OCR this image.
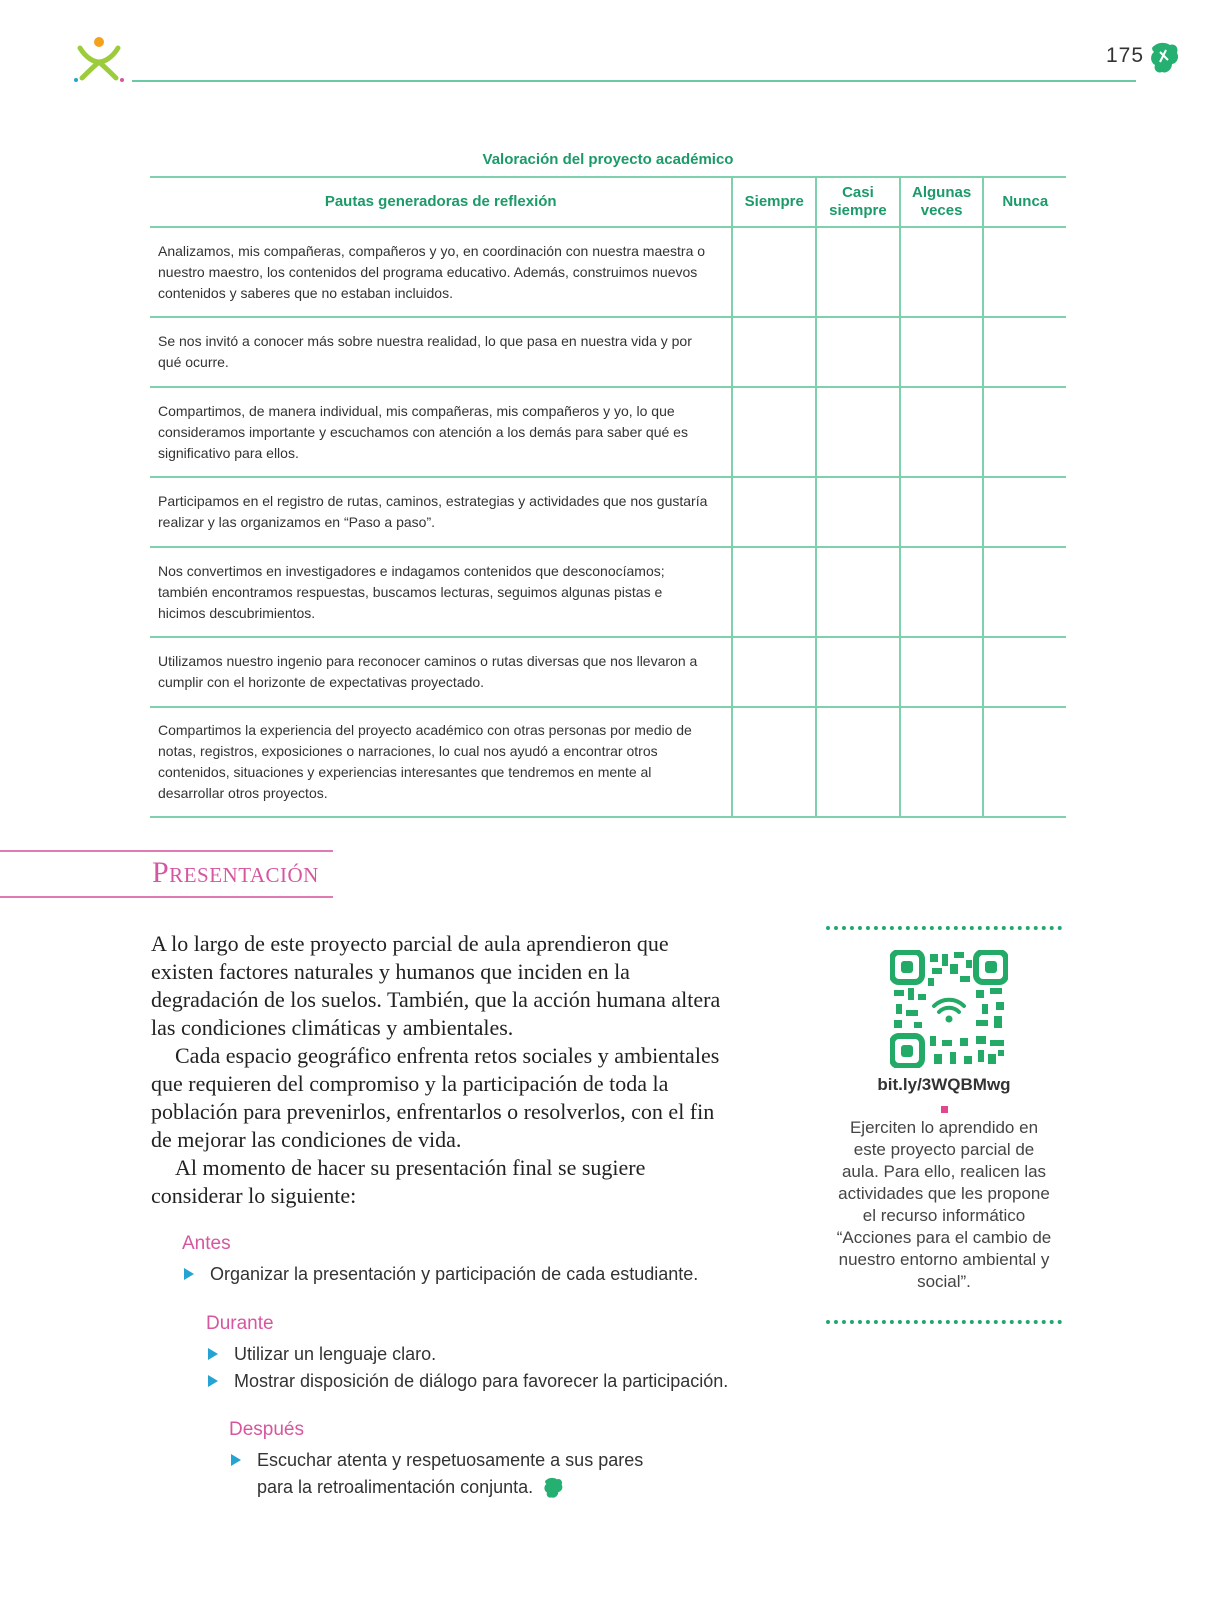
175
Valoración del proyecto académico
Pautas generadoras de reflexión	Siempre	Casi siempre	Algunas veces	Nunca
Analizamos, mis compañeras, compañeros y yo, en coordinación con nuestra maestra o nuestro maestro, los contenidos del programa educativo. Además, construimos nuevos contenidos y saberes que no estaban incluidos.				
Se nos invitó a conocer más sobre nuestra realidad, lo que pasa en nuestra vida y por qué ocurre.				
Compartimos, de manera individual, mis compañeras, mis compañeros y yo, lo que consideramos importante y escuchamos con atención a los demás para saber qué es significativo para ellos.				
Participamos en el registro de rutas, caminos, estrategias y actividades que nos gustaría realizar y las organizamos en “Paso a paso”.				
Nos convertimos en investigadores e indagamos contenidos que desconocíamos; también encontramos respuestas, buscamos lecturas, seguimos algunas pistas e hicimos descubrimientos.				
Utilizamos nuestro ingenio para reconocer caminos o rutas diversas que nos llevaron a cumplir con el horizonte de expectativas proyectado.				
Compartimos la experiencia del proyecto académico con otras personas por medio de notas, registros, exposiciones o narraciones, lo cual nos ayudó a encontrar otros contenidos, situaciones y experiencias interesantes que tendremos en mente al desarrollar otros proyectos.				
Presentación

A lo largo de este proyecto parcial de aula aprendieron que existen factores naturales y humanos que inciden en la degradación de los suelos. También, que la acción humana altera las condiciones climáticas y ambientales.

Cada espacio geográfico enfrenta retos sociales y ambientales que requieren del compromiso y la participación de toda la población para prevenirlos, enfrentarlos o resolverlos, con el fin de mejorar las condiciones de vida.

Al momento de hacer su presentación final se sugiere considerar lo siguiente:

Antes
Organizar la presentación y participación de cada estudiante.
Durante
Utilizar un lenguaje claro.
Mostrar disposición de diálogo para favorecer la participación.
Después
Escuchar atenta y respetuosamente a sus pares para la retroalimentación conjunta.
bit.ly/3WQBMwg
Ejerciten lo aprendido en este proyecto parcial de aula. Para ello, realicen las actividades que les propone el recurso informático “Acciones para el cambio de nuestro entorno ambiental y social”.
